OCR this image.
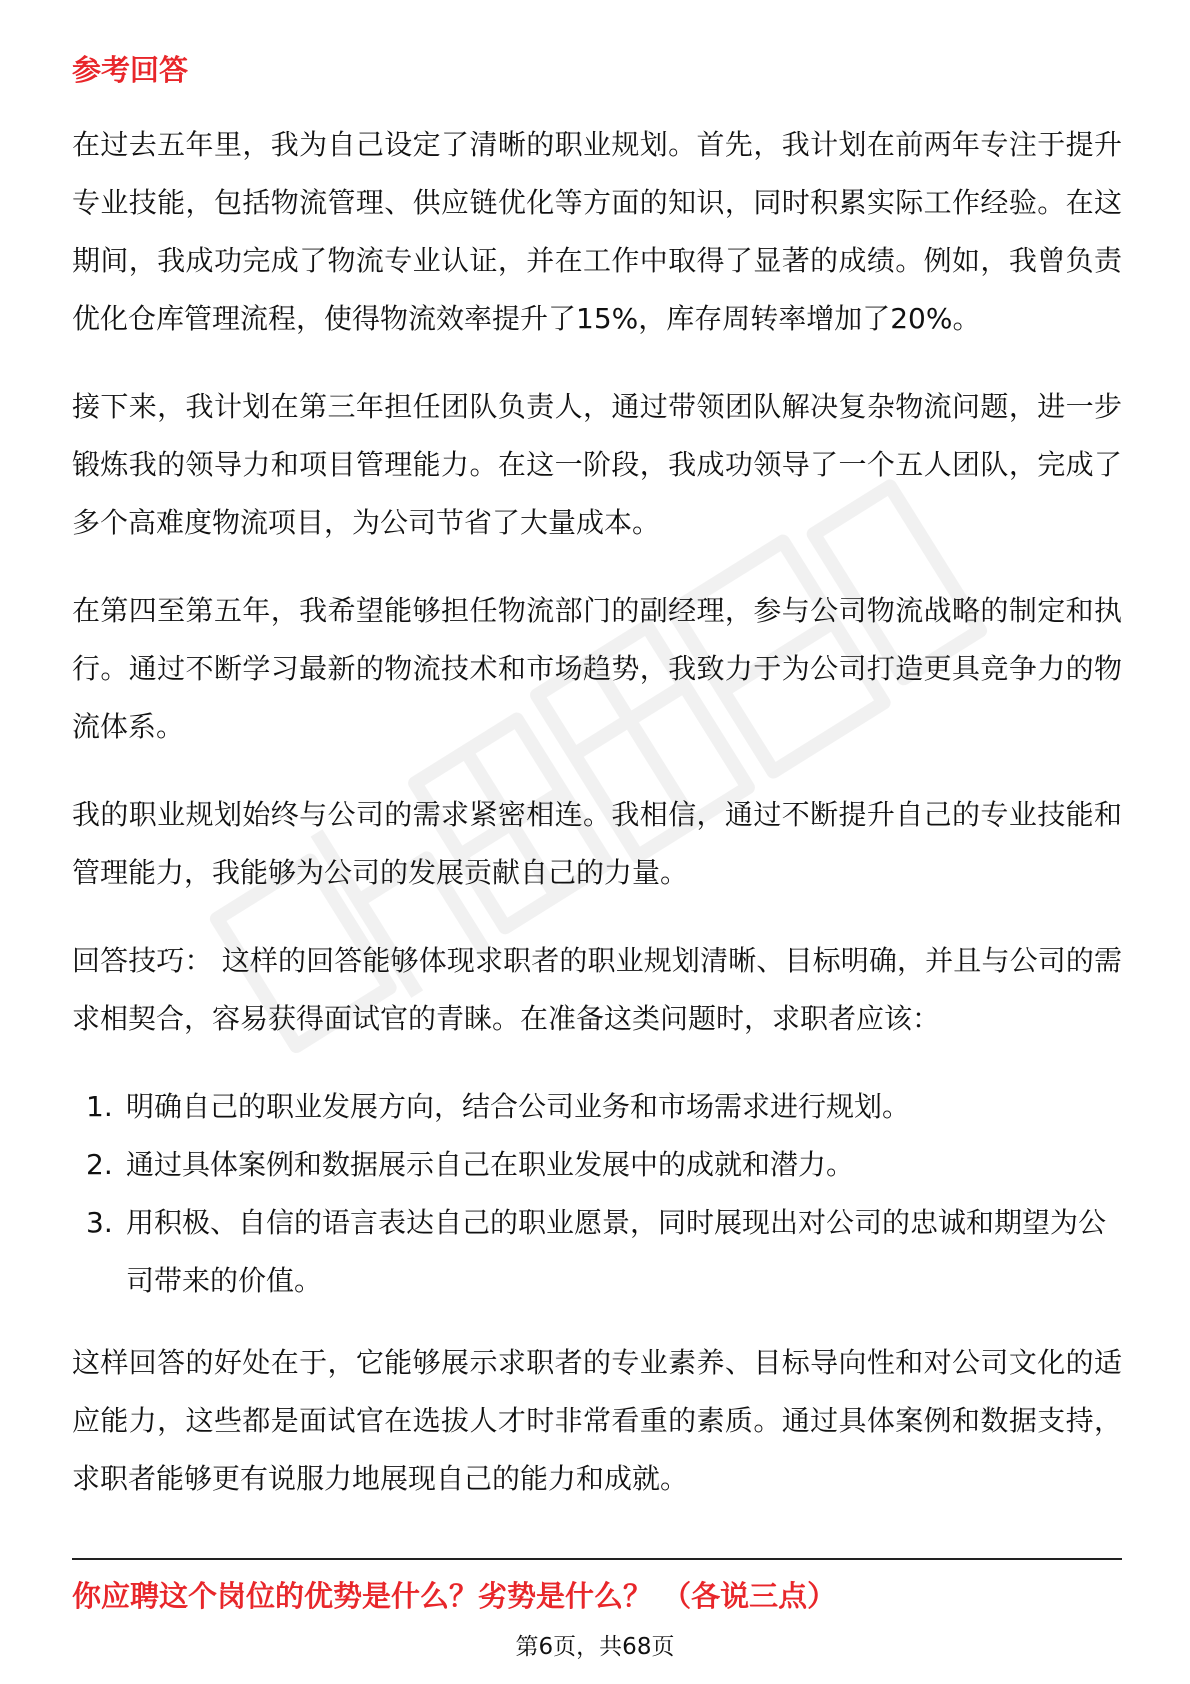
参考回答

在过去五年里，我为自己设定了清晰的职业规划。首先，我计划在前两年专注于提升专业技能，包括物流管理、供应链优化等方面的知识，同时积累实际工作经验。在这期间，我成功完成了物流专业认证，并在工作中取得了显著的成绩。例如，我曾负责优化仓库管理流程，使得物流效率提升了15%，库存周转率增加了20%。

接下来，我计划在第三年担任团队负责人，通过带领团队解决复杂物流问题，进一步锻炼我的领导力和项目管理能力。在这一阶段，我成功领导了一个五人团队，完成了多个高难度物流项目，为公司节省了大量成本。

在第四至第五年，我希望能够担任物流部门的副经理，参与公司物流战略的制定和执行。通过不断学习最新的物流技术和市场趋势，我致力于为公司打造更具竞争力的物流体系。

我的职业规划始终与公司的需求紧密相连。我相信，通过不断提升自己的专业技能和管理能力，我能够为公司的发展贡献自己的力量。

回答技巧： 这样的回答能够体现求职者的职业规划清晰、目标明确，并且与公司的需求相契合，容易获得面试官的青睐。在准备这类问题时，求职者应该：

1. 明确自己的职业发展方向，结合公司业务和市场需求进行规划。
2. 通过具体案例和数据展示自己在职业发展中的成就和潜力。
3. 用积极、自信的语言表达自己的职业愿景，同时展现出对公司的忠诚和期望为公司带来的价值。

这样回答的好处在于，它能够展示求职者的专业素养、目标导向性和对公司文化的适应能力，这些都是面试官在选拔人才时非常看重的素质。通过具体案例和数据支持，求职者能够更有说服力地展现自己的能力和成就。

你应聘这个岗位的优势是什么？劣势是什么？ （各说三点）
第6页，共68页
